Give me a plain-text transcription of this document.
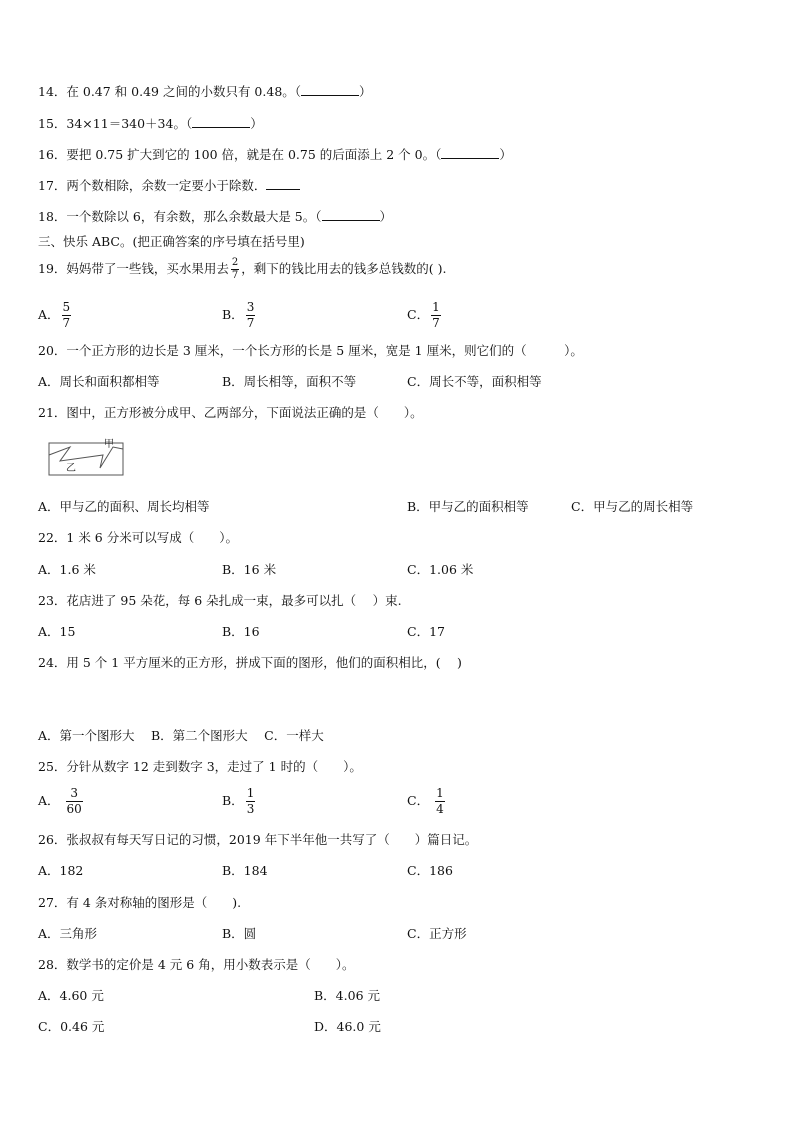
14．在 0.47 和 0.49 之间的小数只有 0.48。（	）
15．34×11＝340＋34。（	）
16．要把 0.75 扩大到它的 100 倍，就是在 0.75 的后面添上 2 个 0。（	）
17．两个数相除，余数一定要小于除数．
18．一个数除以 6，有余数，那么余数最大是 5。（	）
三、快乐 ABC。(把正确答案的序号填在括号里)
19．妈妈带了一些钱，买水果用去 $\frac{2}{7}$ ，剩下的钱比用去的钱多总钱数的( ).
A． $\frac{5}{7}$	B． $\frac{3}{7}$	C． $\frac{1}{7}$
20．一个正方形的边长是 3 厘米，一个长方形的长是 5 厘米，宽是 1 厘米，则它们的（　　　）。
A．周长和面积都相等	B．周长相等，面积不等	C．周长不等，面积相等
21．图中，正方形被分成甲、乙两部分，下面说法正确的是（　　）。
甲
乙
A．甲与乙的面积、周长均相等	B．甲与乙的面积相等	C．甲与乙的周长相等
22．1 米 6 分米可以写成（　　）。
A．1.6 米	B．16 米	C．1.06 米
23．花店进了 95 朵花，每 6 朵扎成一束，最多可以扎（　 ）束.
A．15	B．16	C．17
24．用 5 个 1 平方厘米的正方形，拼成下面的图形，他们的面积相比，(　 )
A．第一个图形大　 B．第二个图形大　 C．一样大
25．分针从数字 12 走到数字 3，走过了 1 时的（　　）。
A． $\frac{3}{60}$	B． $\frac{1}{3}$	C． $\frac{1}{4}$
26．张叔叔有每天写日记的习惯，2019 年下半年他一共写了（　　）篇日记。
A．182	B．184	C．186
27．有 4 条对称轴的图形是（　　).
A．三角形	B．圆	C．正方形
28．数学书的定价是 4 元 6 角，用小数表示是（　　）。
A．4.60 元	B．4.06 元
C．0.46 元	D．46.0 元
